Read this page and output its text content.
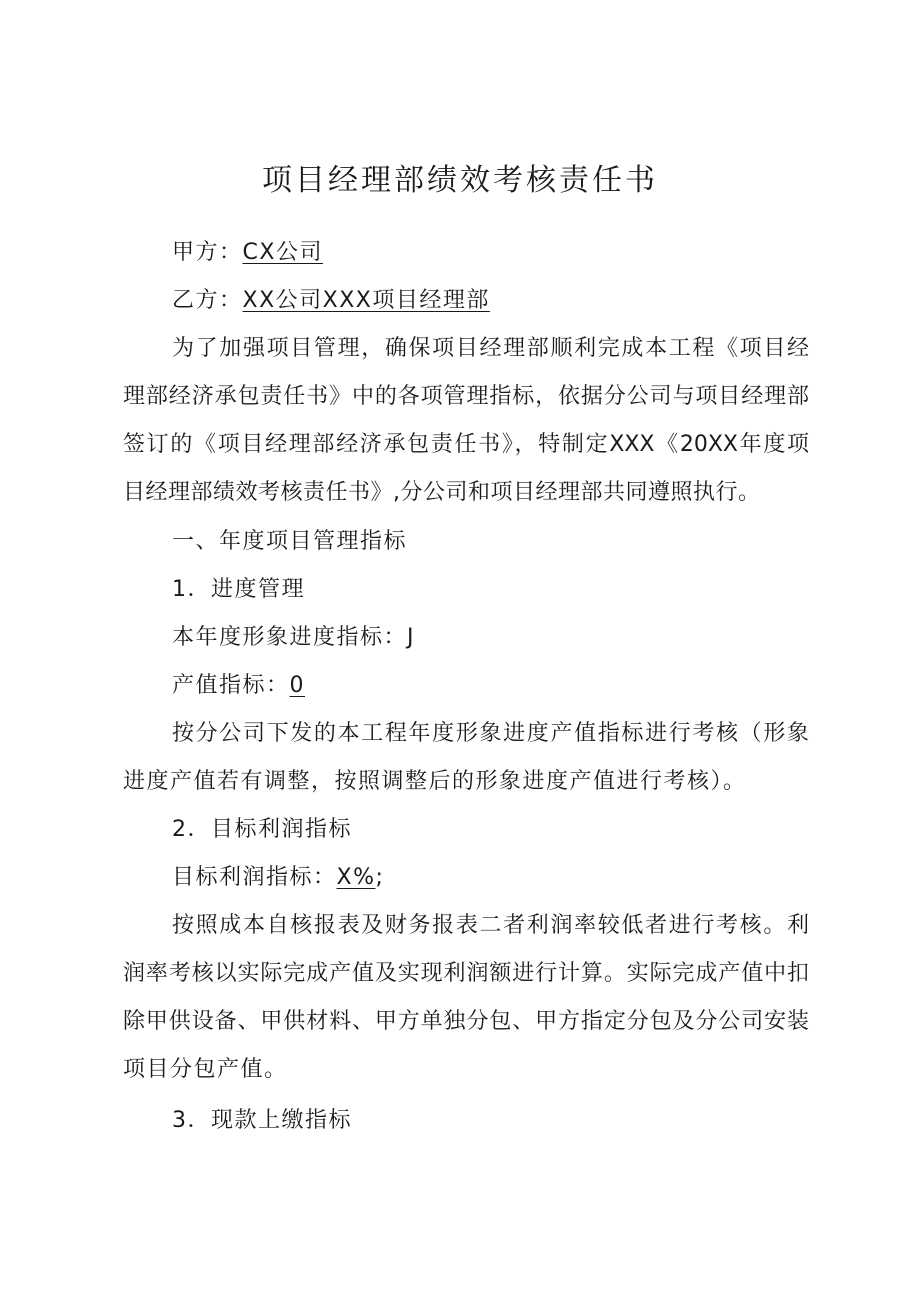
项目经理部绩效考核责任书
甲方：CX公司
乙方：XX公司XXX项目经理部
为了加强项目管理，确保项目经理部顺利完成本工程《项目经
理部经济承包责任书》中的各项管理指标，依据分公司与项目经理部
签订的《项目经理部经济承包责任书》，特制定XXX《20XX年度项
目经理部绩效考核责任书》,分公司和项目经理部共同遵照执行。
一、年度项目管理指标
1．进度管理
本年度形象进度指标：J
产值指标：0
按分公司下发的本工程年度形象进度产值指标进行考核（形象
进度产值若有调整，按照调整后的形象进度产值进行考核）。
2．目标利润指标
目标利润指标：X%;
按照成本自核报表及财务报表二者利润率较低者进行考核。利
润率考核以实际完成产值及实现利润额进行计算。实际完成产值中扣
除甲供设备、甲供材料、甲方单独分包、甲方指定分包及分公司安装
项目分包产值。
3．现款上缴指标
